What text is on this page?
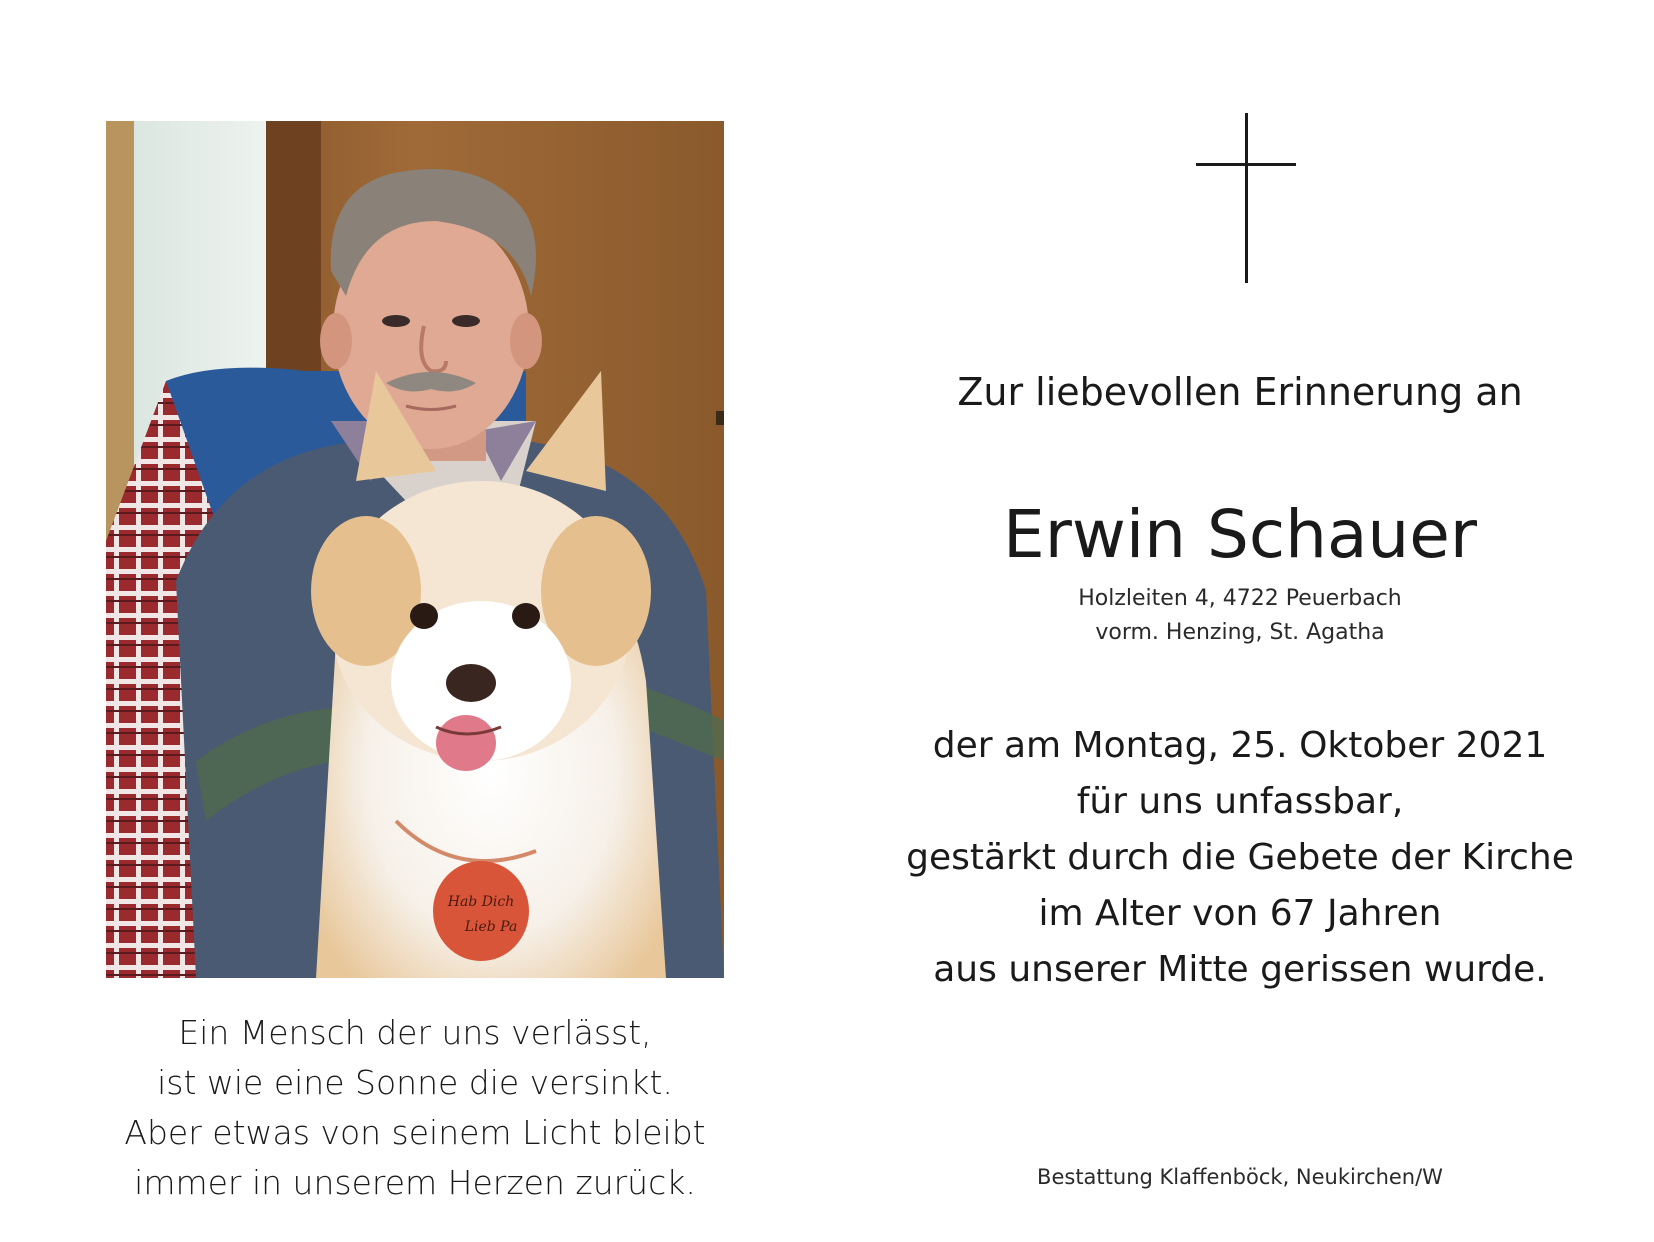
Hab Dich
Lieb Pa
Ein Mensch der uns verlässt,
ist wie eine Sonne die versinkt.
Aber etwas von seinem Licht bleibt
immer in unserem Herzen zurück.
Zur liebevollen Erinnerung an
Erwin Schauer
Holzleiten 4, 4722 Peuerbach
vorm. Henzing, St. Agatha
der am Montag, 25. Oktober 2021
für uns unfassbar,
gestärkt durch die Gebete der Kirche
im Alter von 67 Jahren
aus unserer Mitte gerissen wurde.
Bestattung Klaffenböck, Neukirchen/W
